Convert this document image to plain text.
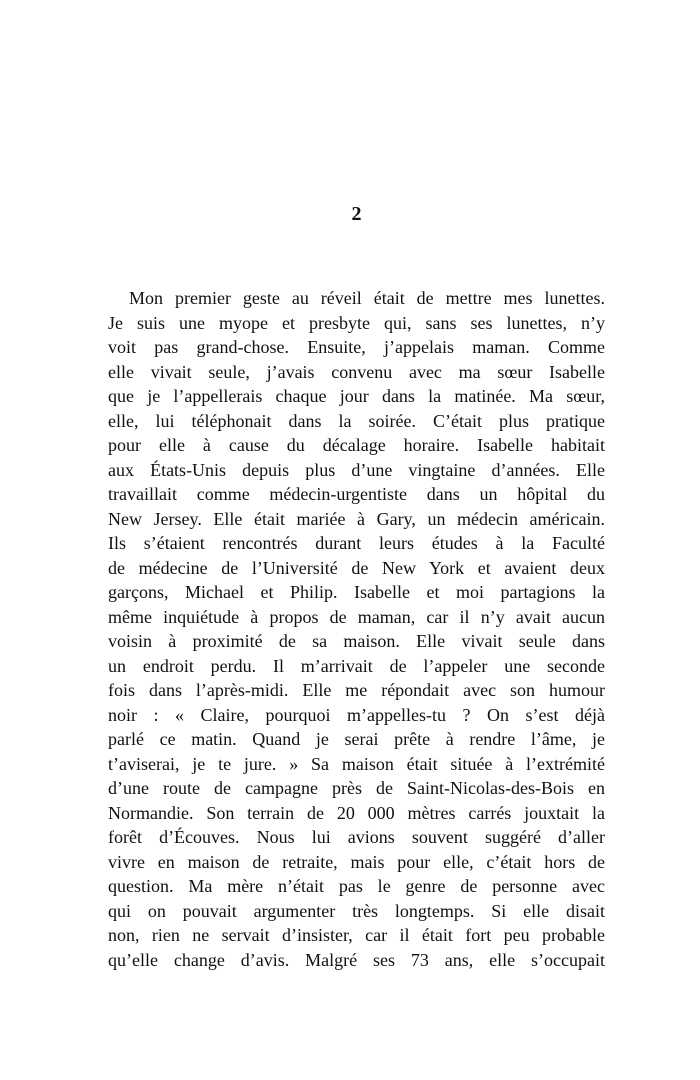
2
Mon premier geste au réveil était de mettre mes lunettes.
Je suis une myope et presbyte qui, sans ses lunettes, n’y
voit pas grand-chose. Ensuite, j’appelais maman. Comme
elle vivait seule, j’avais convenu avec ma sœur Isabelle
que je l’appellerais chaque jour dans la matinée. Ma sœur,
elle, lui téléphonait dans la soirée. C’était plus pratique
pour elle à cause du décalage horaire. Isabelle habitait
aux États-Unis depuis plus d’une vingtaine d’années. Elle
travaillait comme médecin-urgentiste dans un hôpital du
New Jersey. Elle était mariée à Gary, un médecin américain.
Ils s’étaient rencontrés durant leurs études à la Faculté
de médecine de l’Université de New York et avaient deux
garçons, Michael et Philip. Isabelle et moi partagions la
même inquiétude à propos de maman, car il n’y avait aucun
voisin à proximité de sa maison. Elle vivait seule dans
un endroit perdu. Il m’arrivait de l’appeler une seconde
fois dans l’après-midi. Elle me répondait avec son humour
noir : « Claire, pourquoi m’appelles-tu ? On s’est déjà
parlé ce matin. Quand je serai prête à rendre l’âme, je
t’aviserai, je te jure. » Sa maison était située à l’extrémité
d’une route de campagne près de Saint-Nicolas-des-Bois en
Normandie. Son terrain de 20 000 mètres carrés jouxtait la
forêt d’Écouves. Nous lui avions souvent suggéré d’aller
vivre en maison de retraite, mais pour elle, c’était hors de
question. Ma mère n’était pas le genre de personne avec
qui on pouvait argumenter très longtemps. Si elle disait
non, rien ne servait d’insister, car il était fort peu probable
qu’elle change d’avis. Malgré ses 73 ans, elle s’occupait
